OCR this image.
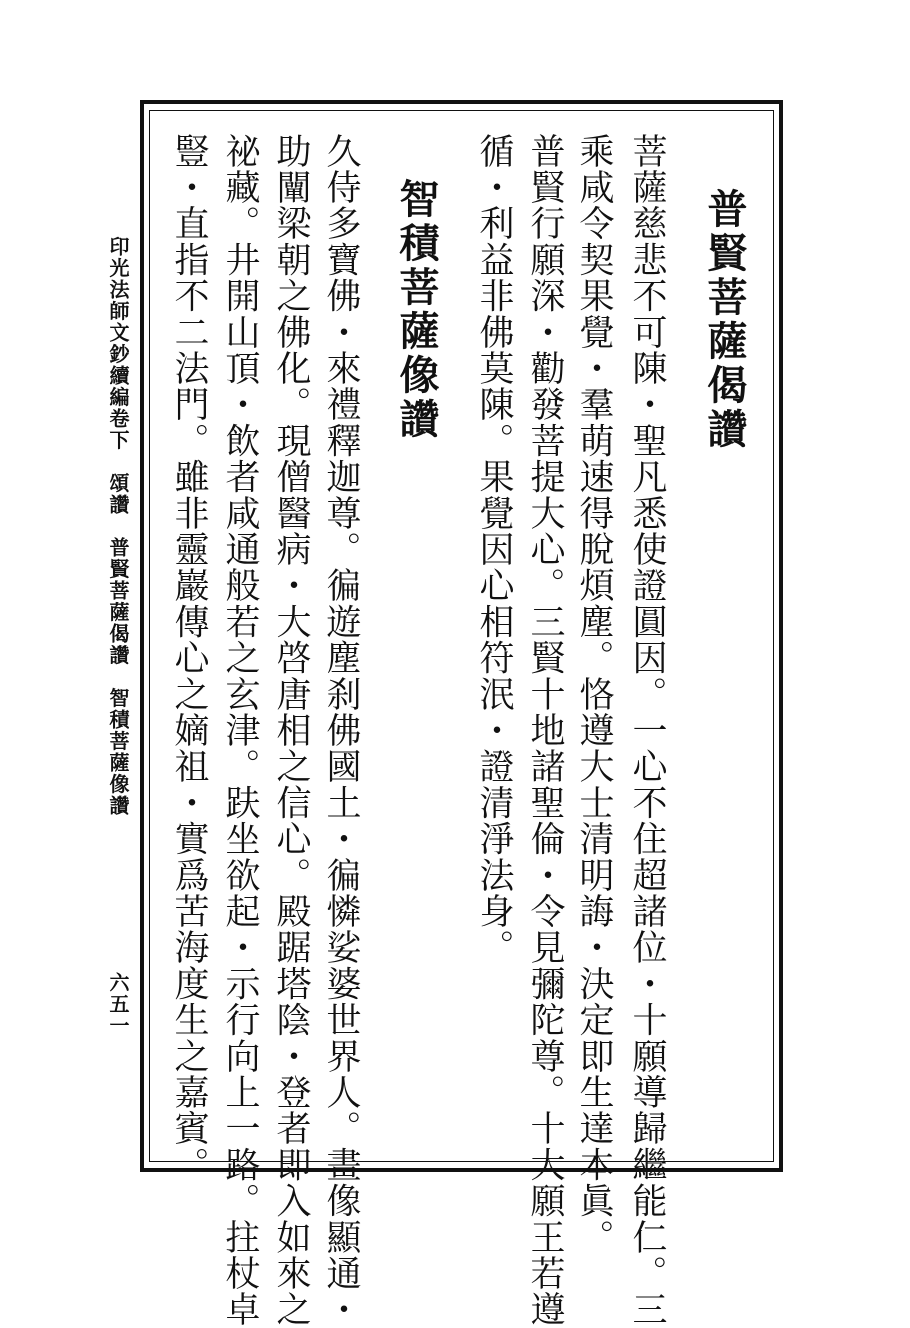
普賢菩薩偈讚
菩薩慈悲不可陳・聖凡悉使證圓因。一心不住超諸位・十願導歸繼能仁。三
乘咸令契果覺・羣萌速得脫煩塵。恪遵大士清明誨・決定即生達本眞。
普賢行願深・勸發菩提大心。三賢十地諸聖倫・令見彌陀尊。十大願王若遵
循・利益非佛莫陳。果覺因心相符泯・證清淨法身。
智積菩薩像讚
久侍多寶佛・來禮釋迦尊。徧遊塵刹佛國土・徧憐娑婆世界人。畫像顯通・
助闡梁朝之佛化。現僧醫病・大啓唐相之信心。殿踞塔陰・登者即入如來之
祕藏。井開山頂・飲者咸通般若之玄津。趺坐欲起・示行向上一路。拄杖卓
豎・直指不二法門。雖非靈巖傳心之嫡祖・實爲苦海度生之嘉賓。
印光法師文鈔續編卷下　頌讚　普賢菩薩偈讚　智積菩薩像讚
六五一
